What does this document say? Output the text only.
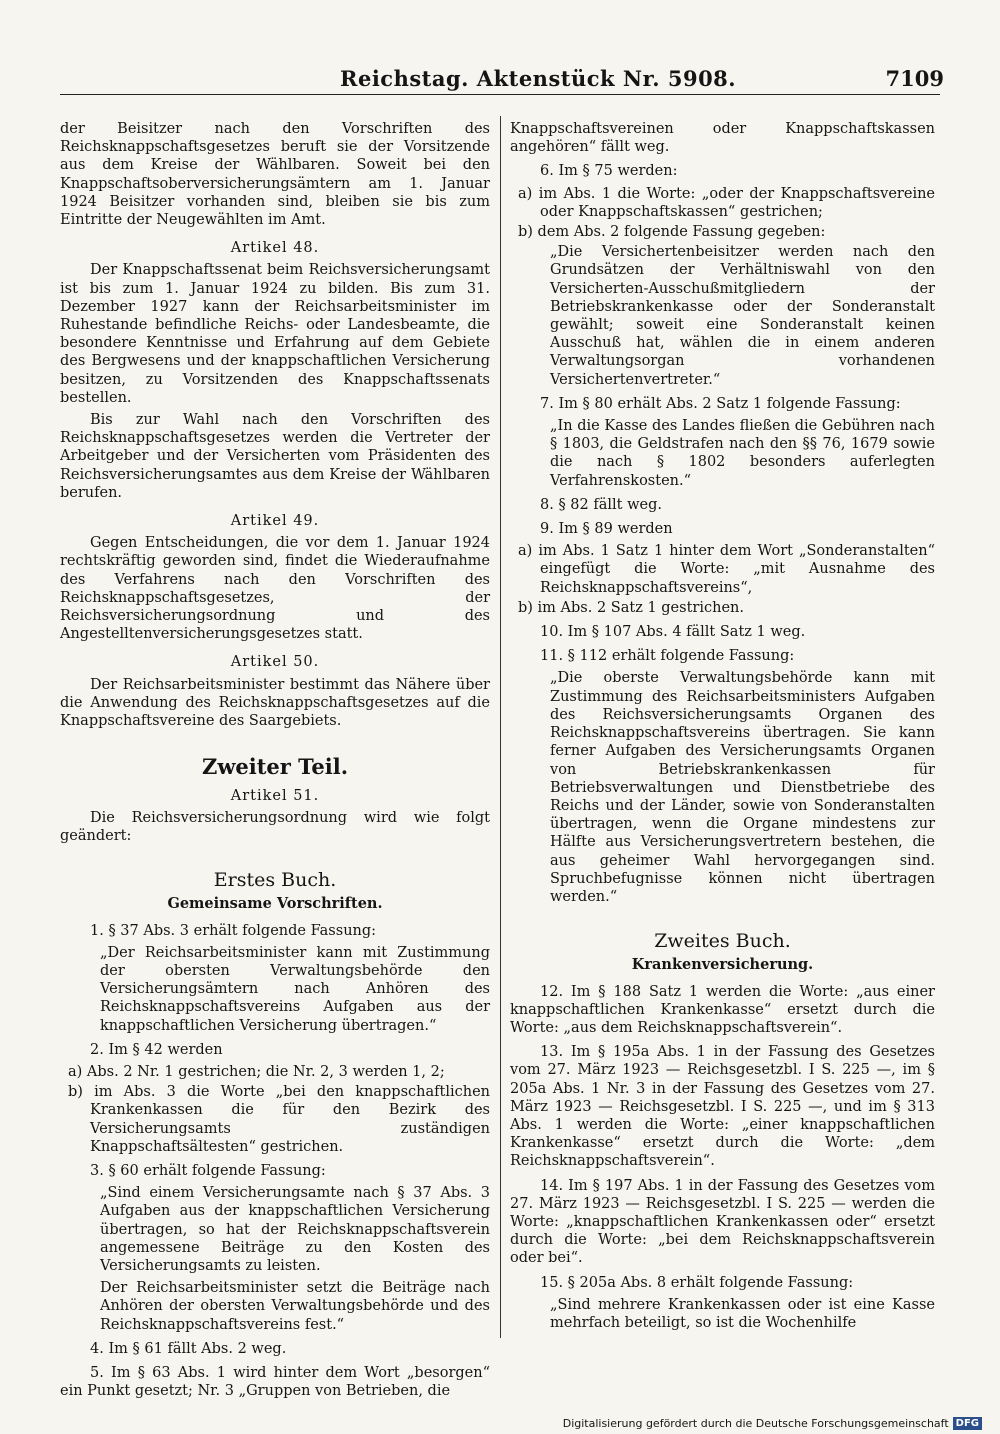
Reichstag. Aktenstück Nr. 5908.	7109

der Beisitzer nach den Vorschriften des Reichsknappschaftsgesetzes beruft sie der Vorsitzende aus dem Kreise der Wählbaren. Soweit bei den Knappschaftsoberversicherungsämtern am 1. Januar 1924 Beisitzer vorhanden sind, bleiben sie bis zum Eintritte der Neugewählten im Amt.

Artikel 48.

Der Knappschaftssenat beim Reichsversicherungsamt ist bis zum 1. Januar 1924 zu bilden. Bis zum 31. Dezember 1927 kann der Reichsarbeitsminister im Ruhestande befindliche Reichs- oder Landesbeamte, die besondere Kenntnisse und Erfahrung auf dem Gebiete des Bergwesens und der knappschaftlichen Versicherung besitzen, zu Vorsitzenden des Knappschaftssenats bestellen.

Bis zur Wahl nach den Vorschriften des Reichsknappschaftsgesetzes werden die Vertreter der Arbeitgeber und der Versicherten vom Präsidenten des Reichsversicherungsamtes aus dem Kreise der Wählbaren berufen.

Artikel 49.

Gegen Entscheidungen, die vor dem 1. Januar 1924 rechtskräftig geworden sind, findet die Wiederaufnahme des Verfahrens nach den Vorschriften des Reichsknappschaftsgesetzes, der Reichsversicherungsordnung und des Angestelltenversicherungsgesetzes statt.

Artikel 50.

Der Reichsarbeitsminister bestimmt das Nähere über die Anwendung des Reichsknappschaftsgesetzes auf die Knappschaftsvereine des Saargebiets.

Zweiter Teil.

Artikel 51.

Die Reichsversicherungsordnung wird wie folgt geändert:

Erstes Buch.

Gemeinsame Vorschriften.

1. § 37 Abs. 3 erhält folgende Fassung:

„Der Reichsarbeitsminister kann mit Zustimmung der obersten Verwaltungsbehörde den Versicherungsämtern nach Anhören des Reichsknappschaftsvereins Aufgaben aus der knappschaftlichen Versicherung übertragen.“

2. Im § 42 werden

a) Abs. 2 Nr. 1 gestrichen; die Nr. 2, 3 werden 1, 2;

b) im Abs. 3 die Worte „bei den knappschaftlichen Krankenkassen die für den Bezirk des Versicherungsamts zuständigen Knappschaftsältesten“ gestrichen.

3. § 60 erhält folgende Fassung:

„Sind einem Versicherungsamte nach § 37 Abs. 3 Aufgaben aus der knappschaftlichen Versicherung übertragen, so hat der Reichsknappschaftsverein angemessene Beiträge zu den Kosten des Versicherungsamts zu leisten.

Der Reichsarbeitsminister setzt die Beiträge nach Anhören der obersten Verwaltungsbehörde und des Reichsknappschaftsvereins fest.“

4. Im § 61 fällt Abs. 2 weg.

5. Im § 63 Abs. 1 wird hinter dem Wort „besorgen“ ein Punkt gesetzt; Nr. 3 „Gruppen von Betrieben, die

Knappschaftsvereinen oder Knappschaftskassen angehören“ fällt weg.

6. Im § 75 werden:

a) im Abs. 1 die Worte: „oder der Knappschaftsvereine oder Knappschaftskassen“ gestrichen;

b) dem Abs. 2 folgende Fassung gegeben:

„Die Versichertenbeisitzer werden nach den Grundsätzen der Verhältniswahl von den Versicherten-Ausschußmitgliedern der Betriebskrankenkasse oder der Sonderanstalt gewählt; soweit eine Sonderanstalt keinen Ausschuß hat, wählen die in einem anderen Verwaltungsorgan vorhandenen Versichertenvertreter.“

7. Im § 80 erhält Abs. 2 Satz 1 folgende Fassung:

„In die Kasse des Landes fließen die Gebühren nach § 1803, die Geldstrafen nach den §§ 76, 1679 sowie die nach § 1802 besonders auferlegten Verfahrenskosten.“

8. § 82 fällt weg.

9. Im § 89 werden

a) im Abs. 1 Satz 1 hinter dem Wort „Sonderanstalten“ eingefügt die Worte: „mit Ausnahme des Reichsknappschaftsvereins“,

b) im Abs. 2 Satz 1 gestrichen.

10. Im § 107 Abs. 4 fällt Satz 1 weg.

11. § 112 erhält folgende Fassung:

„Die oberste Verwaltungsbehörde kann mit Zustimmung des Reichsarbeitsministers Aufgaben des Reichsversicherungsamts Organen des Reichsknappschaftsvereins übertragen. Sie kann ferner Aufgaben des Versicherungsamts Organen von Betriebskrankenkassen für Betriebsverwaltungen und Dienstbetriebe des Reichs und der Länder, sowie von Sonderanstalten übertragen, wenn die Organe mindestens zur Hälfte aus Versicherungsvertretern bestehen, die aus geheimer Wahl hervorgegangen sind. Spruchbefugnisse können nicht übertragen werden.“

Zweites Buch.

Krankenversicherung.

12. Im § 188 Satz 1 werden die Worte: „aus einer knappschaftlichen Krankenkasse“ ersetzt durch die Worte: „aus dem Reichsknappschaftsverein“.

13. Im § 195a Abs. 1 in der Fassung des Gesetzes vom 27. März 1923 — Reichsgesetzbl. I S. 225 —, im § 205a Abs. 1 Nr. 3 in der Fassung des Gesetzes vom 27. März 1923 — Reichsgesetzbl. I S. 225 —, und im § 313 Abs. 1 werden die Worte: „einer knappschaftlichen Krankenkasse“ ersetzt durch die Worte: „dem Reichsknappschaftsverein“.

14. Im § 197 Abs. 1 in der Fassung des Gesetzes vom 27. März 1923 — Reichsgesetzbl. I S. 225 — werden die Worte: „knappschaftlichen Krankenkassen oder“ ersetzt durch die Worte: „bei dem Reichsknappschaftsverein oder bei“.

15. § 205a Abs. 8 erhält folgende Fassung:

„Sind mehrere Krankenkassen oder ist eine Kasse mehrfach beteiligt, so ist die Wochenhilfe

Digitalisierung gefördert durch die Deutsche Forschungsgemeinschaft DFG
